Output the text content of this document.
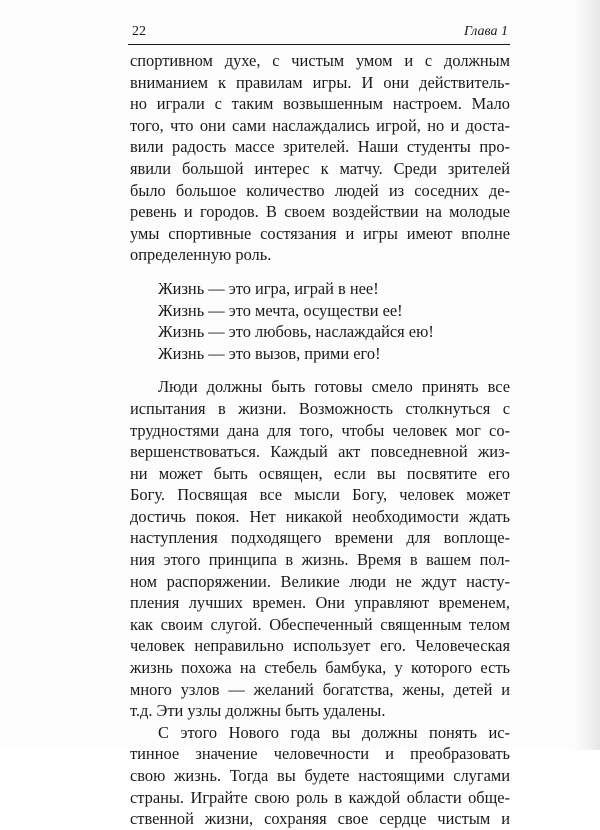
22	Глава 1
спортивном духе, с чистым умом и с должным
вниманием к правилам игры. И они действитель-
но играли с таким возвышенным настроем. Мало
того, что они сами наслаждались игрой, но и доста-
вили радость массе зрителей. Наши студенты про-
явили большой интерес к матчу. Среди зрителей
было большое количество людей из соседних де-
ревень и городов. В своем воздействии на молодые
умы спортивные состязания и игры имеют вполне
определенную роль.
Жизнь — это игра, играй в нее!
Жизнь — это мечта, осуществи ее!
Жизнь — это любовь, наслаждайся ею!
Жизнь — это вызов, прими его!
Люди должны быть готовы смело принять все
испытания в жизни. Возможность столкнуться с
трудностями дана для того, чтобы человек мог со-
вершенствоваться. Каждый акт повседневной жиз-
ни может быть освящен, если вы посвятите его
Богу. Посвящая все мысли Богу, человек может
достичь покоя. Нет никакой необходимости ждать
наступления подходящего времени для воплоще-
ния этого принципа в жизнь. Время в вашем пол-
ном распоряжении. Великие люди не ждут насту-
пления лучших времен. Они управляют временем,
как своим слугой. Обеспеченный священным телом
человек неправильно использует его. Человеческая
жизнь похожа на стебель бамбука, у которого есть
много узлов — желаний богатства, жены, детей и
т.д. Эти узлы должны быть удалены.
С этого Нового года вы должны понять ис-
тинное значение человечности и преобразовать
свою жизнь. Тогда вы будете настоящими слугами
страны. Играйте свою роль в каждой области обще-
ственной жизни, сохраняя свое сердце чистым и
